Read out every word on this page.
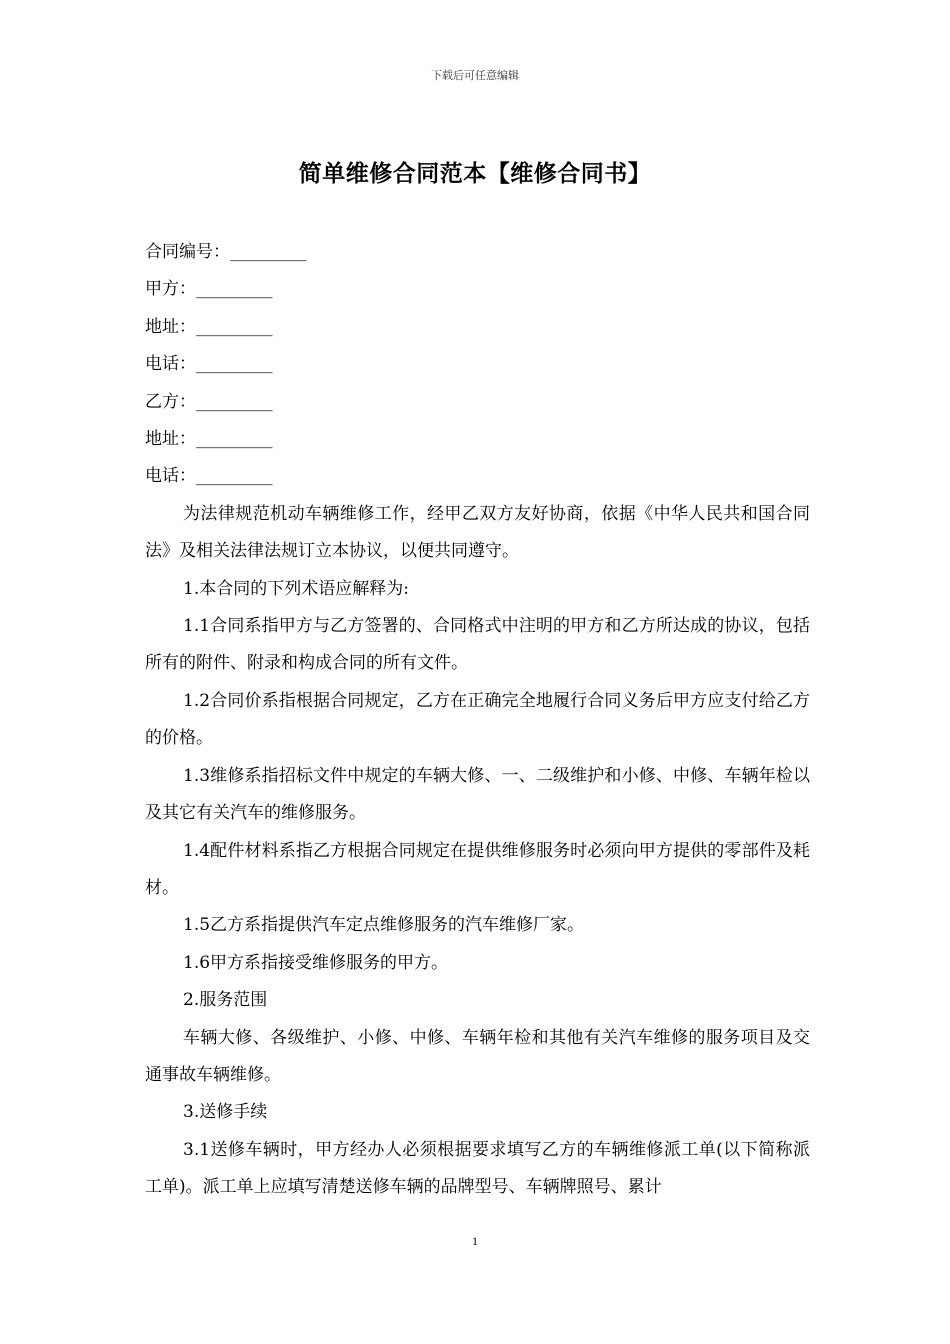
下载后可任意编辑
简单维修合同范本【维修合同书】

合同编号：_________

甲方：_________

地址：_________

电话：_________

乙方：_________

地址：_________

电话：_________

为法律规范机动车辆维修工作，经甲乙双方友好协商，依据《中华人民共和国合同法》及相关法律法规订立本协议，以便共同遵守。

1.本合同的下列术语应解释为:

1.1合同系指甲方与乙方签署的、合同格式中注明的甲方和乙方所达成的协议，包括所有的附件、附录和构成合同的所有文件。

1.2合同价系指根据合同规定，乙方在正确完全地履行合同义务后甲方应支付给乙方的价格。

1.3维修系指招标文件中规定的车辆大修、一、二级维护和小修、中修、车辆年检以及其它有关汽车的维修服务。

1.4配件材料系指乙方根据合同规定在提供维修服务时必须向甲方提供的零部件及耗材。

1.5乙方系指提供汽车定点维修服务的汽车维修厂家。

1.6甲方系指接受维修服务的甲方。

2.服务范围

车辆大修、各级维护、小修、中修、车辆年检和其他有关汽车维修的服务项目及交通事故车辆维修。

3.送修手续

3.1送修车辆时，甲方经办人必须根据要求填写乙方的车辆维修派工单(以下简称派工单)。派工单上应填写清楚送修车辆的品牌型号、车辆牌照号、累计

1
